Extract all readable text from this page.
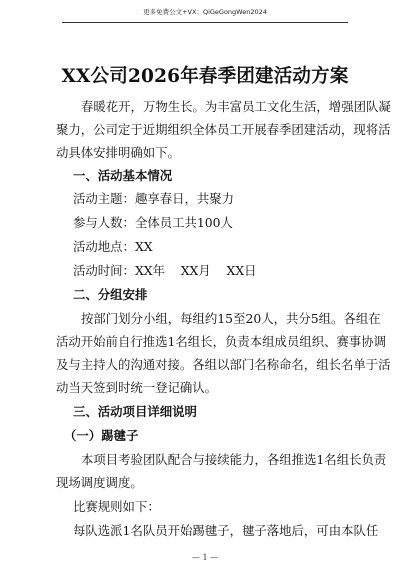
更多免费公文+VX：QiGeGongWen2024
XX公司2026年春季团建活动方案
春暖花开，万物生长。为丰富员工文化生活，增强团队凝
聚力，公司定于近期组织全体员工开展春季团建活动，现将活
动具体安排明确如下。
一、活动基本情况
活动主题：趣享春日，共聚力
参与人数：全体员工共100人
活动地点：XX
活动时间：XX年    XX月    XX日
二、分组安排
按部门划分小组，每组约15至20人，共分5组。各组在
活动开始前自行推选1名组长，负责本组成员组织、赛事协调
及与主持人的沟通对接。各组以部门名称命名，组长名单于活
动当天签到时统一登记确认。
三、活动项目详细说明
（一）踢毽子
本项目考验团队配合与接续能力，各组推选1名组长负责
现场调度调度。
比赛规则如下：
每队选派1名队员开始踢毽子，毽子落地后，可由本队任
— 1 —
